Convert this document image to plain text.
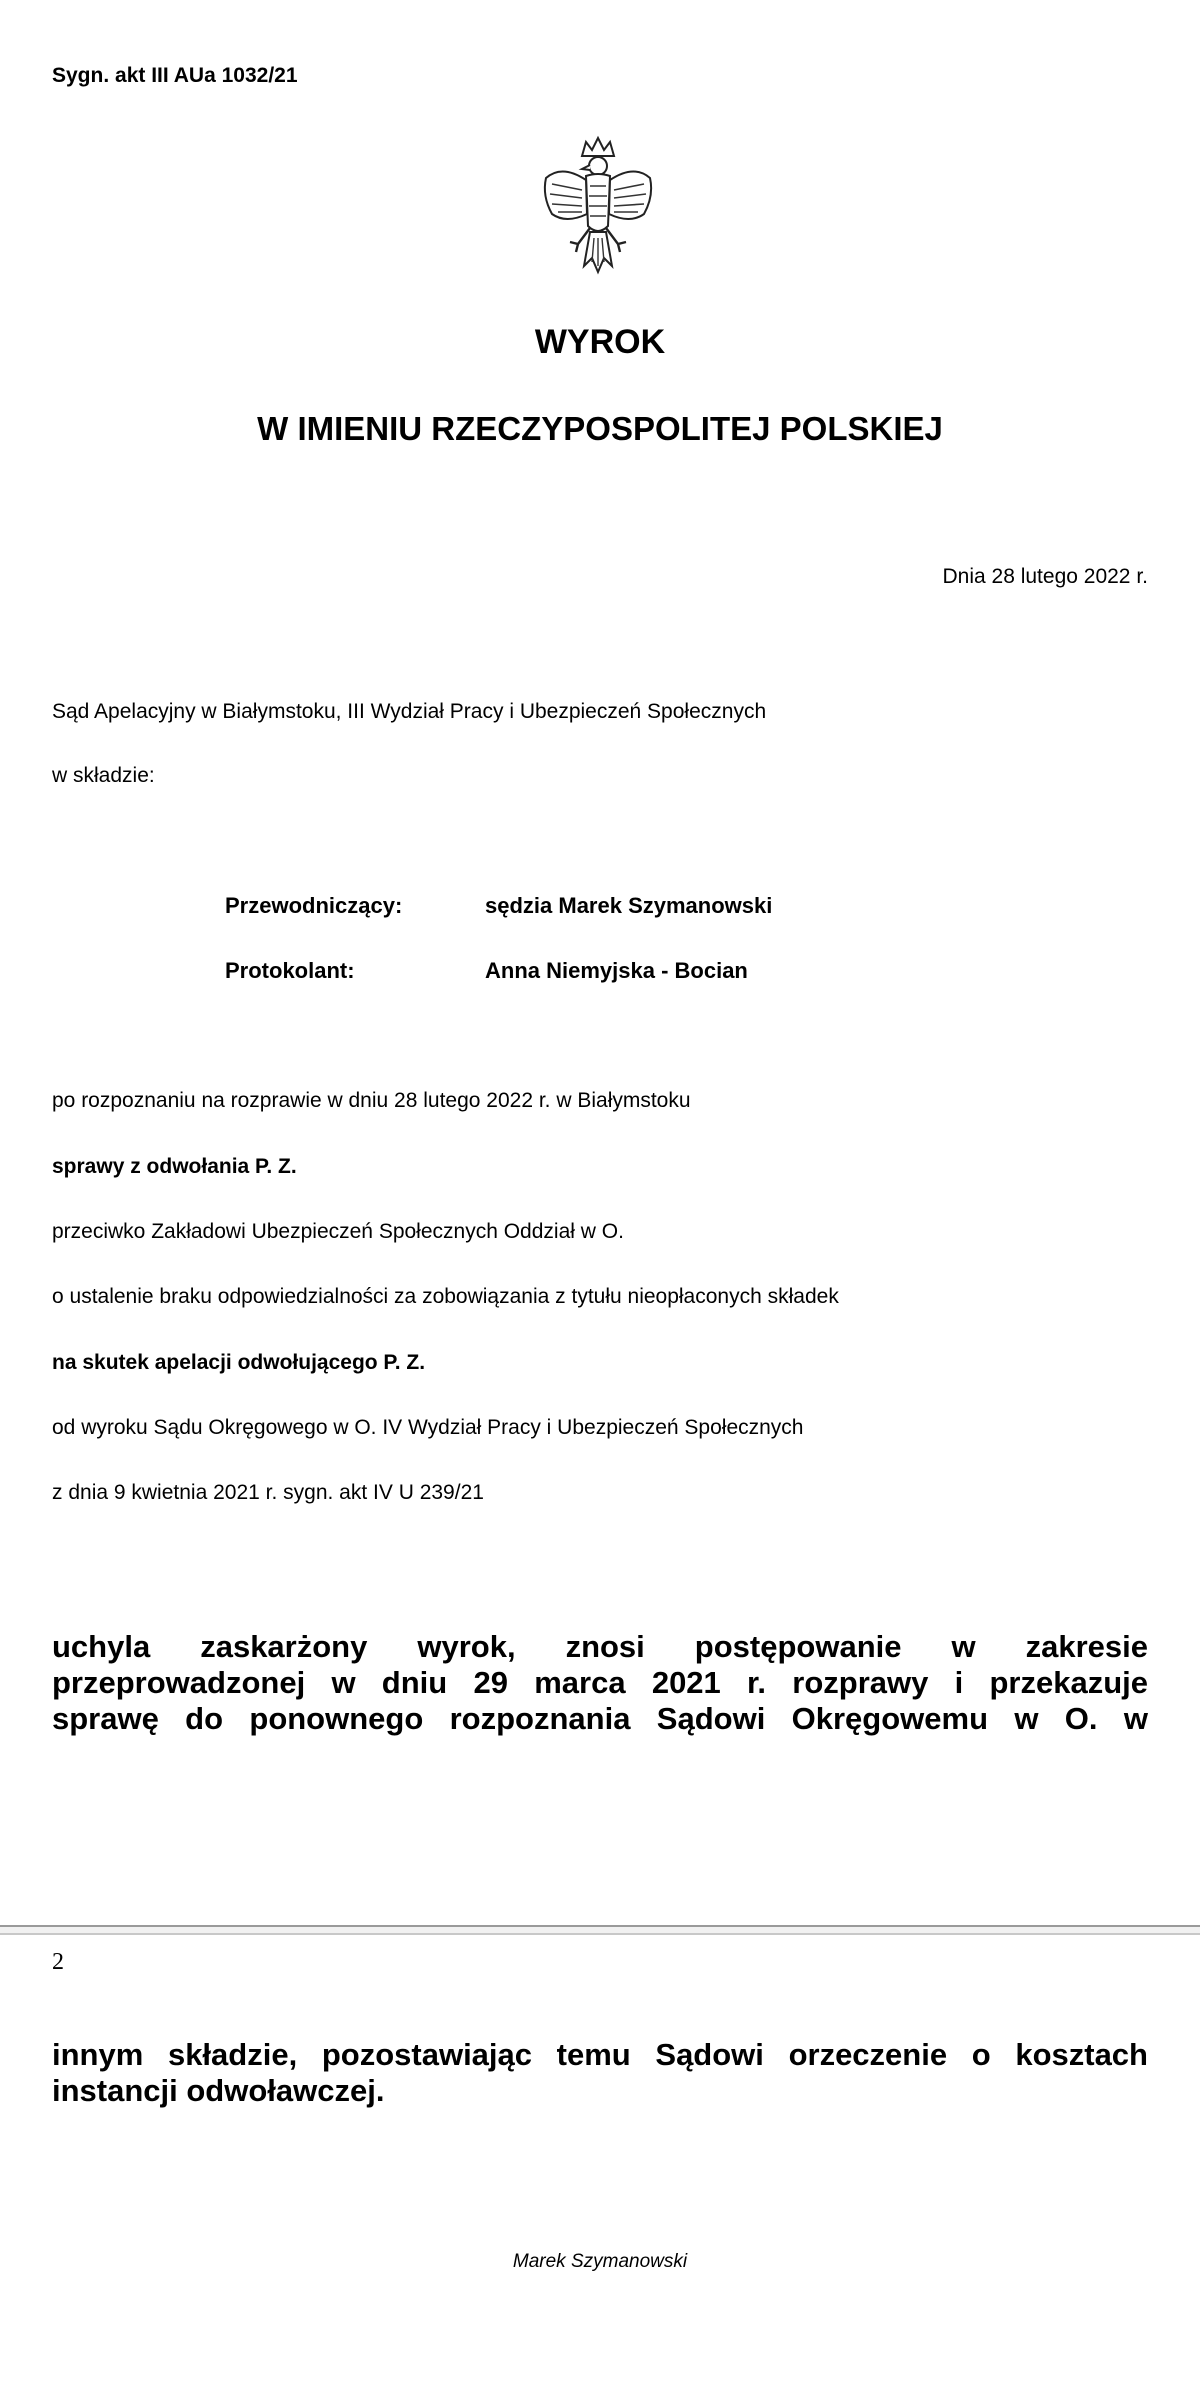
Sygn. akt III AUa 1032/21
WYROK
W IMIENIU RZECZYPOSPOLITEJ POLSKIEJ
Dnia 28 lutego 2022 r.
Sąd Apelacyjny w Białymstoku, III Wydział Pracy i Ubezpieczeń Społecznych
w składzie:
Przewodniczący:	sędzia Marek Szymanowski
Protokolant:	Anna Niemyjska - Bocian
po rozpoznaniu na rozprawie w dniu 28 lutego 2022 r. w Białymstoku
sprawy z odwołania P. Z.
przeciwko Zakładowi Ubezpieczeń Społecznych Oddział w O.
o ustalenie braku odpowiedzialności za zobowiązania z tytułu nieopłaconych składek
na skutek apelacji odwołującego P. Z.
od wyroku Sądu Okręgowego w O. IV Wydział Pracy i Ubezpieczeń Społecznych
z dnia 9 kwietnia 2021 r. sygn. akt IV U 239/21
uchyla zaskarżony wyrok, znosi postępowanie w zakresie
przeprowadzonej w dniu 29 marca 2021 r. rozprawy i przekazuje
sprawę do ponownego rozpoznania Sądowi Okręgowemu w O. w
2
innym składzie, pozostawiając temu Sądowi orzeczenie o kosztach instancji odwoławczej.
Marek Szymanowski
